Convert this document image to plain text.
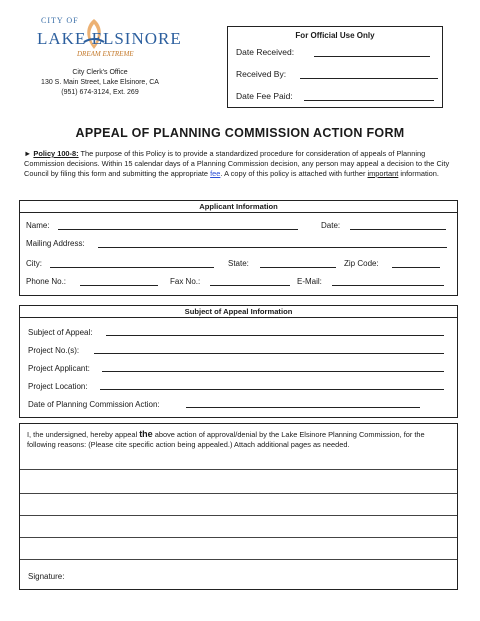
CITY OF
LAKE ELSINORE
DREAM EXTREME
City Clerk's Office
130 S. Main Street, Lake Elsinore, CA
(951) 674-3124, Ext. 269
For Official Use Only
Date Received:
Received By:
Date Fee Paid:
APPEAL OF PLANNING COMMISSION ACTION FORM
► Policy 100-8: The purpose of this Policy is to provide a standardized procedure for consideration of appeals of Planning Commission decisions. Within 15 calendar days of a Planning Commission decision, any person may appeal a decision to the City Council by filing this form and submitting the appropriate fee. A copy of this policy is attached with further important information.
Applicant Information
Name:	Date:
Mailing Address:
City:	State:	Zip Code:
Phone No.:	Fax No.:	E-Mail:
Subject of Appeal Information
Subject of Appeal:
Project No.(s):
Project Applicant:
Project Location:
Date of Planning Commission Action:
I, the undersigned, hereby appeal the above action of approval/denial by the Lake Elsinore Planning Commission, for the following reasons: (Please cite specific action being appealed.) Attach additional pages as needed.
Signature:
